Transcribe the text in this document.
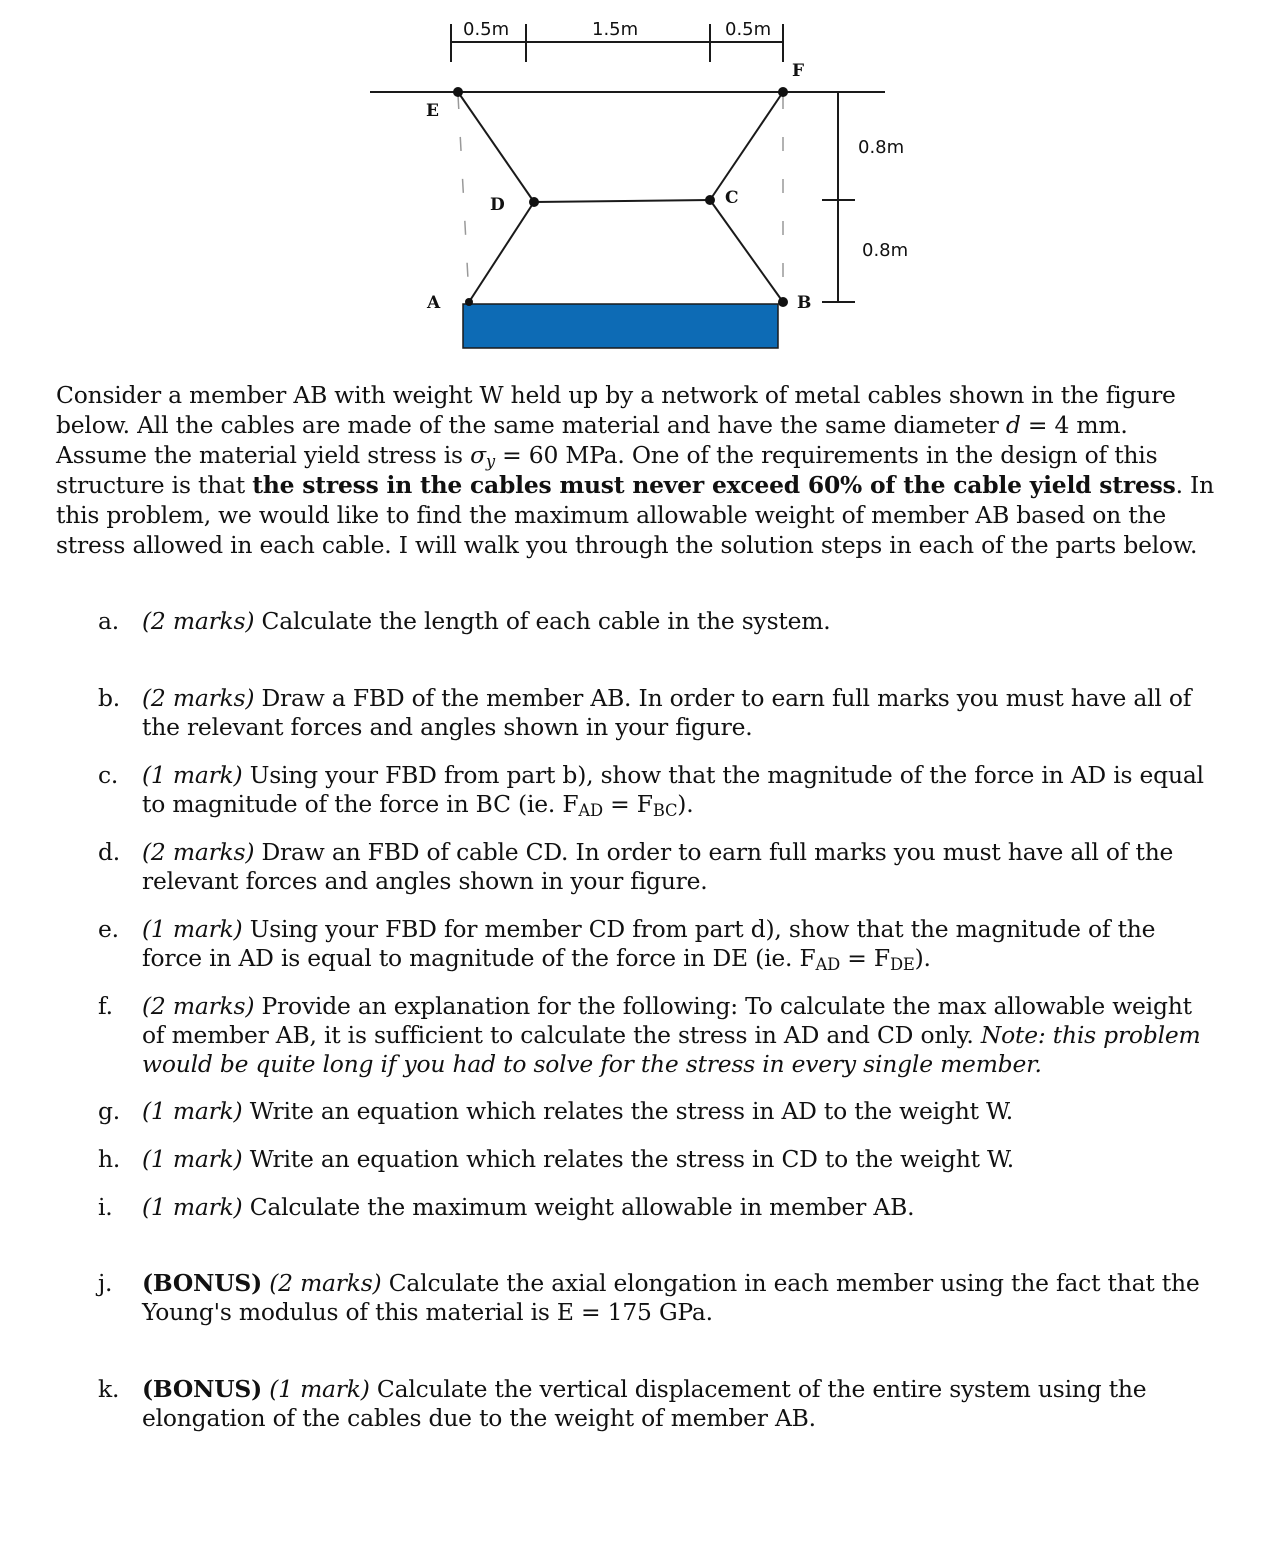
0.5m	1.5m	0.5m
0.8m
0.8m
E
F
D	C
A	B

Consider a member AB with weight W held up by a network of metal cables shown in the figure below. All the cables are made of the same material and have the same diameter d = 4 mm. Assume the material yield stress is $\sigma_y = 60$ MPa. One of the requirements in the design of this structure is that the stress in the cables must never exceed 60% of the cable yield stress. In this problem, we would like to find the maximum allowable weight of member AB based on the stress allowed in each cable. I will walk you through the solution steps in each of the parts below.

a. (2 marks) Calculate the length of each cable in the system.
b. (2 marks) Draw a FBD of the member AB. In order to earn full marks you must have all of the relevant forces and angles shown in your figure.
c.	(1 mark) Using your FBD from part b), show that the magnitude of the force in AD is equal to magnitude of the force in BC (ie. $F_{AD} = F_{BC}$).
d. (2 marks) Draw an FBD of cable CD. In order to earn full marks you must have all of the relevant forces and angles shown in your figure.
e. (1 mark) Using your FBD for member CD from part d), show that the magnitude of the force in AD is equal to magnitude of the force in DE (ie. $F_{AD} = F_{DE}$).
f.	(2 marks) Provide an explanation for the following: To calculate the max allowable weight of member AB, it is sufficient to calculate the stress in AD and CD only. Note: this problem would be quite long if you had to solve for the stress in every single member.
g. (1 mark) Write an equation which relates the stress in AD to the weight W.
h. (1 mark) Write an equation which relates the stress in CD to the weight W.
i.	(1 mark) Calculate the maximum weight allowable in member AB.
j.	(BONUS) (2 marks) Calculate the axial elongation in each member using the fact that the Young's modulus of this material is E = 175 GPa.
k. (BONUS) (1 mark) Calculate the vertical displacement of the entire system using the elongation of the cables due to the weight of member AB.
